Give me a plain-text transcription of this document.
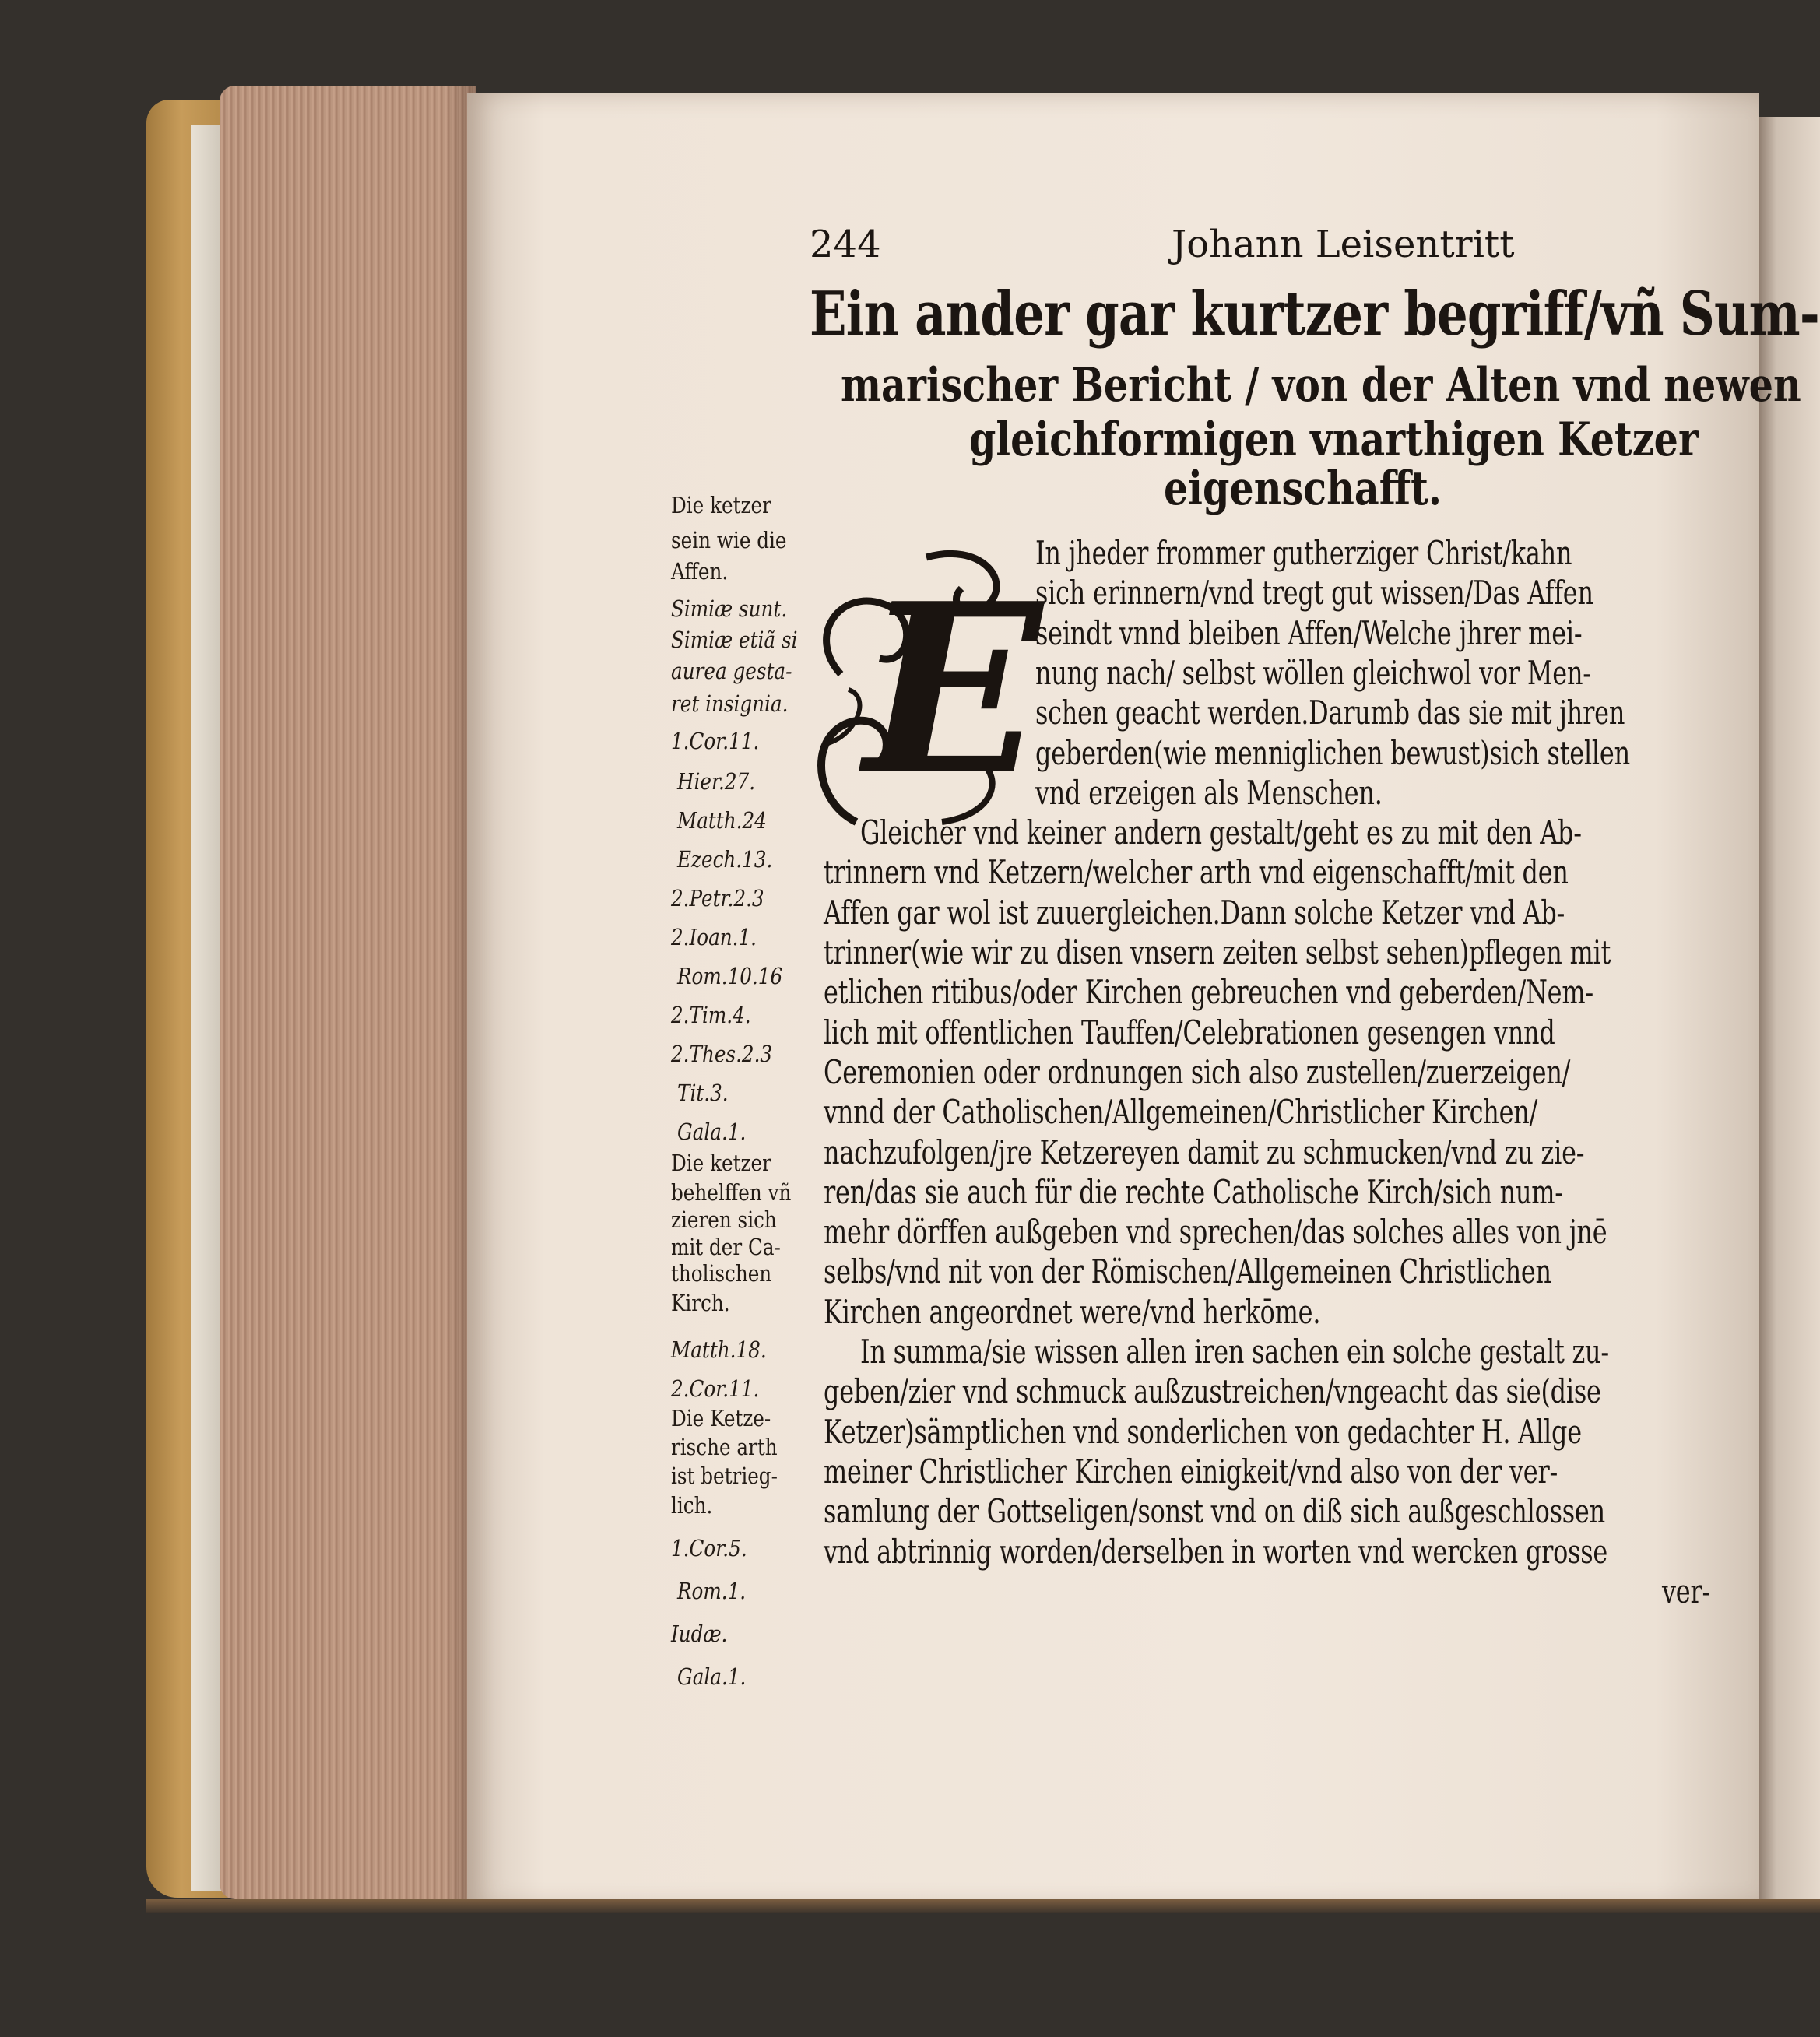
244	Johann Leisentritt
Ein ander gar kurtzer begriff/vñ Sum-
marischer Bericht / von der Alten vnd newen
gleichformigen vnarthigen Ketzer
eigenschafft.
E
In jheder frommer gutherziger Christ/kahn
sich erinnern/vnd tregt gut wissen/Das Affen
seindt vnnd bleiben Affen/Welche jhrer mei-
nung nach/ selbst wöllen gleichwol vor Men-
schen geacht werden.Darumb das sie mit jhren
geberden(wie menniglichen bewust)sich stellen
vnd erzeigen als Menschen.
Gleicher vnd keiner andern gestalt/geht es zu mit den Ab-
trinnern vnd Ketzern/welcher arth vnd eigenschafft/mit den
Affen gar wol ist zuuergleichen.Dann solche Ketzer vnd Ab-
trinner(wie wir zu disen vnsern zeiten selbst sehen)pflegen mit
etlichen ritibus/oder Kirchen gebreuchen vnd geberden/Nem-
lich mit offentlichen Tauffen/Celebrationen gesengen vnnd
Ceremonien oder ordnungen sich also zustellen/zuerzeigen/
vnnd der Catholischen/Allgemeinen/Christlicher Kirchen/
nachzufolgen/jre Ketzereyen damit zu schmucken/vnd zu zie-
ren/das sie auch für die rechte Catholische Kirch/sich num-
mehr dörffen außgeben vnd sprechen/das solches alles von jnē
selbs/vnd nit von der Römischen/Allgemeinen Christlichen
Kirchen angeordnet were/vnd herkōme.
In summa/sie wissen allen iren sachen ein solche gestalt zu-
geben/zier vnd schmuck außzustreichen/vngeacht das sie(dise
Ketzer)sämptlichen vnd sonderlichen von gedachter H. Allge
meiner Christlicher Kirchen einigkeit/vnd also von der ver-
samlung der Gottseligen/sonst vnd on diß sich außgeschlossen
vnd abtrinnig worden/derselben in worten vnd wercken grosse
ver-
Die ketzer
sein wie die
Affen.
Simiæ sunt.
Simiæ etiã si
aurea gesta-
ret insignia.
1.Cor.11.
Hier.27.
Matth.24
Ezech.13.
2.Petr.2.3
2.Ioan.1.
Rom.10.16
2.Tim.4.
2.Thes.2.3
Tit.3.
Gala.1.
Die ketzer
behelffen vñ
zieren sich
mit der Ca-
tholischen
Kirch.
Matth.18.
2.Cor.11.
Die Ketze-
rische arth
ist betrieg-
lich.
1.Cor.5.
Rom.1.
Iudæ.
Gala.1.
